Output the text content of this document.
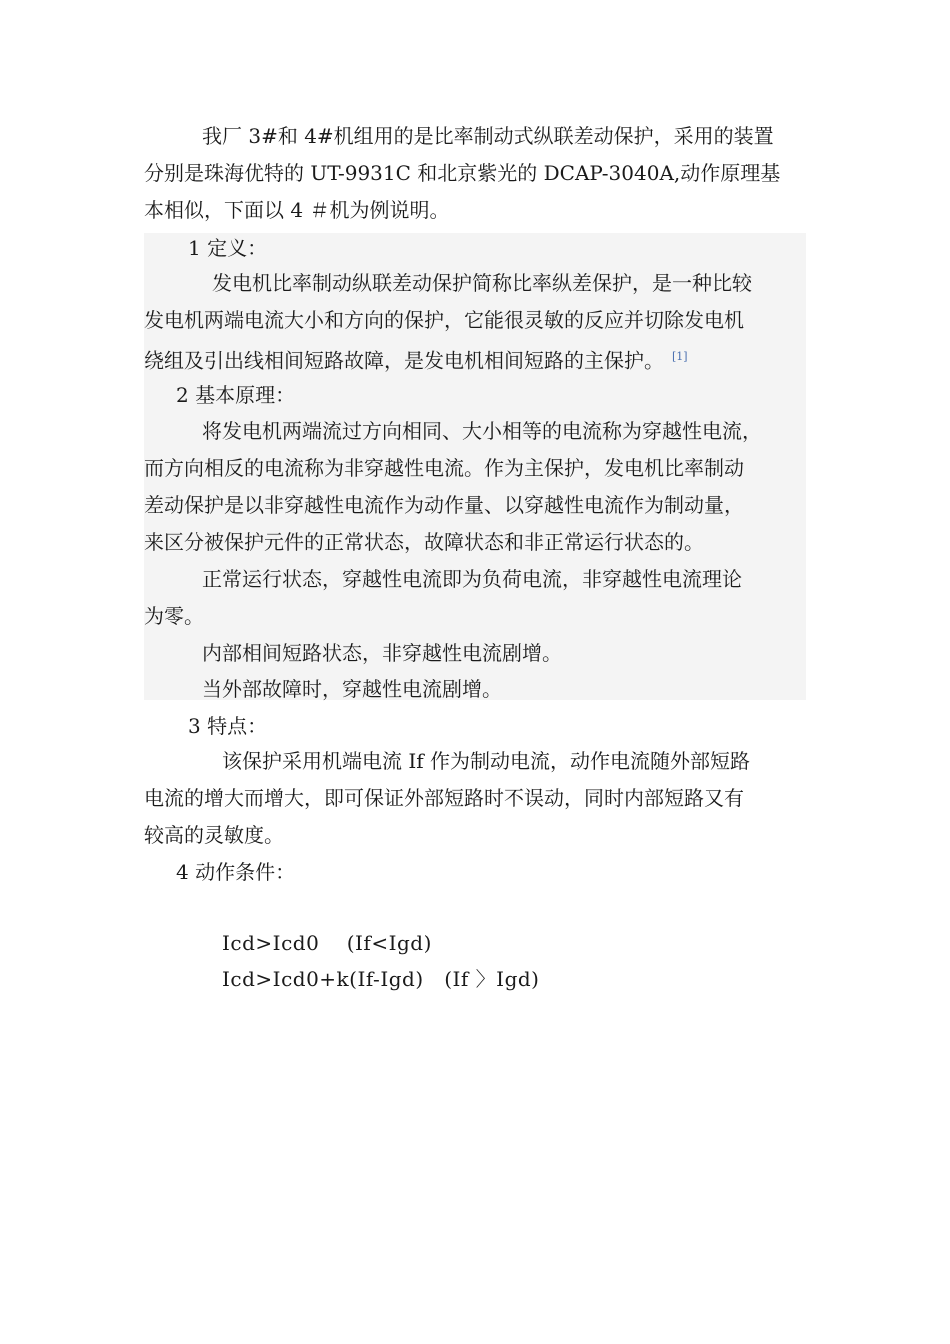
我厂 3#和 4#机组用的是比率制动式纵联差动保护，采用的装置
分别是珠海优特的 UT-9931C 和北京紫光的 DCAP-3040A,动作原理基
本相似，下面以 4 ＃机为例说明。
1 定义：
发电机比率制动纵联差动保护简称比率纵差保护，是一种比较
发电机两端电流大小和方向的保护，它能很灵敏的反应并切除发电机
绕组及引出线相间短路故障，是发电机相间短路的主保护。 [1]
2 基本原理：
将发电机两端流过方向相同、大小相等的电流称为穿越性电流，
而方向相反的电流称为非穿越性电流。作为主保护，发电机比率制动
差动保护是以非穿越性电流作为动作量、以穿越性电流作为制动量，
来区分被保护元件的正常状态，故障状态和非正常运行状态的。
正常运行状态，穿越性电流即为负荷电流，非穿越性电流理论
为零。
内部相间短路状态，非穿越性电流剧增。
当外部故障时，穿越性电流剧增。
3 特点：
该保护采用机端电流 If 作为制动电流，动作电流随外部短路
电流的增大而增大，即可保证外部短路时不误动，同时内部短路又有
较高的灵敏度。
4 动作条件：
Icd>Icd0    (If<Igd)
Icd>Icd0+k(If-Igd)   (If 〉Igd)
